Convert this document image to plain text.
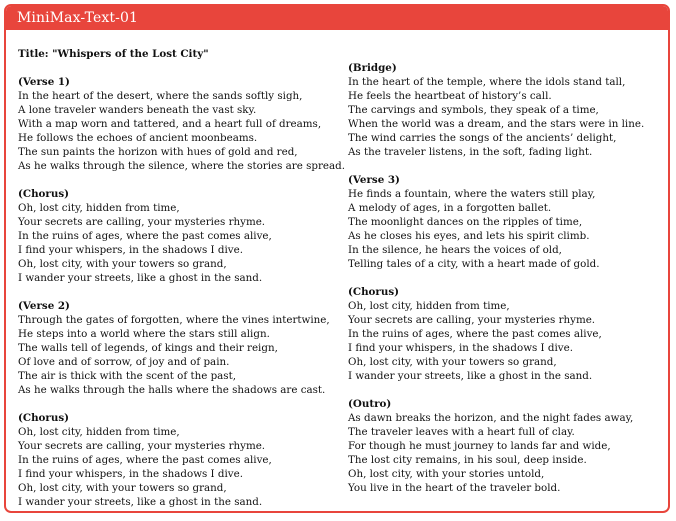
MiniMax-Text-01
Title: "Whispers of the Lost City"
(Verse 1)
In the heart of the desert, where the sands softly sigh,
A lone traveler wanders beneath the vast sky.
With a map worn and tattered, and a heart full of dreams,
He follows the echoes of ancient moonbeams.
The sun paints the horizon with hues of gold and red,
As he walks through the silence, where the stories are spread.
(Chorus)
Oh, lost city, hidden from time,
Your secrets are calling, your mysteries rhyme.
In the ruins of ages, where the past comes alive,
I find your whispers, in the shadows I dive.
Oh, lost city, with your towers so grand,
I wander your streets, like a ghost in the sand.
(Verse 2)
Through the gates of forgotten, where the vines intertwine,
He steps into a world where the stars still align.
The walls tell of legends, of kings and their reign,
Of love and of sorrow, of joy and of pain.
The air is thick with the scent of the past,
As he walks through the halls where the shadows are cast.
(Chorus)
Oh, lost city, hidden from time,
Your secrets are calling, your mysteries rhyme.
In the ruins of ages, where the past comes alive,
I find your whispers, in the shadows I dive.
Oh, lost city, with your towers so grand,
I wander your streets, like a ghost in the sand.
(Bridge)
In the heart of the temple, where the idols stand tall,
He feels the heartbeat of history’s call.
The carvings and symbols, they speak of a time,
When the world was a dream, and the stars were in line.
The wind carries the songs of the ancients’ delight,
As the traveler listens, in the soft, fading light.
(Verse 3)
He finds a fountain, where the waters still play,
A melody of ages, in a forgotten ballet.
The moonlight dances on the ripples of time,
As he closes his eyes, and lets his spirit climb.
In the silence, he hears the voices of old,
Telling tales of a city, with a heart made of gold.
(Chorus)
Oh, lost city, hidden from time,
Your secrets are calling, your mysteries rhyme.
In the ruins of ages, where the past comes alive,
I find your whispers, in the shadows I dive.
Oh, lost city, with your towers so grand,
I wander your streets, like a ghost in the sand.
(Outro)
As dawn breaks the horizon, and the night fades away,
The traveler leaves with a heart full of clay.
For though he must journey to lands far and wide,
The lost city remains, in his soul, deep inside.
Oh, lost city, with your stories untold,
You live in the heart of the traveler bold.
